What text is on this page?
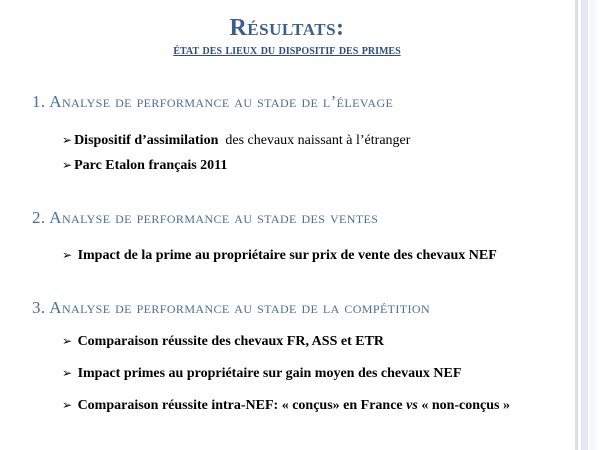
Résultats:
état des lieux du dispositif des primes
1. Analyse de performance au stade de l’élevage
➢ Dispositif d’assimilation  des chevaux naissant à l’étranger
➢ Parc Etalon français 2011
2. Analyse de performance au stade des ventes
➢ Impact de la prime au propriétaire sur prix de vente des chevaux NEF
3. Analyse de performance au stade de la compétition
➢ Comparaison réussite des chevaux FR, ASS et ETR
➢ Impact primes au propriétaire sur gain moyen des chevaux NEF
➢ Comparaison réussite intra-NEF: « conçus» en France vs « non-conçus »
